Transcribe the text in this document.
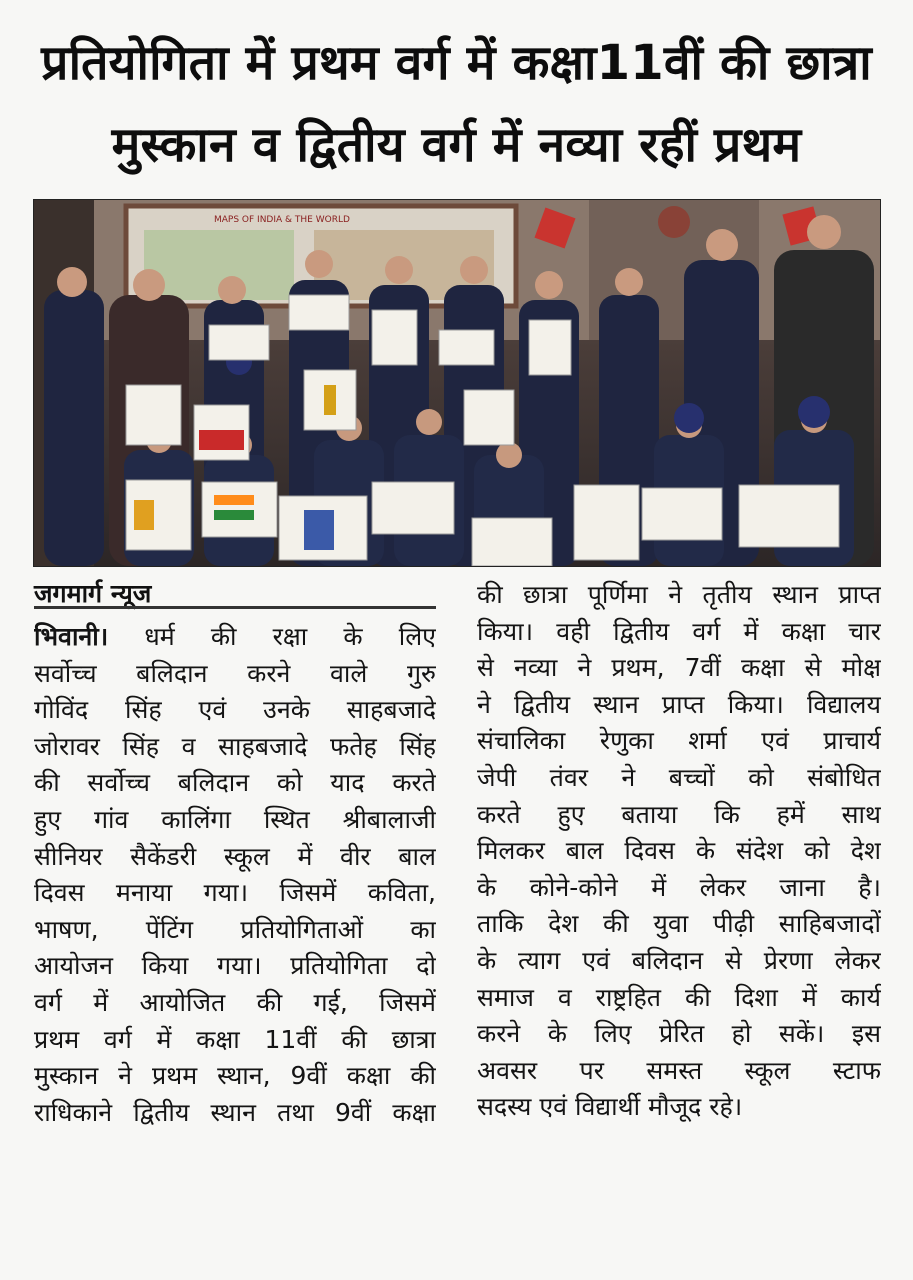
प्रतियोगिता में प्रथम वर्ग में कक्षा11वीं की छात्रा
मुस्कान व द्वितीय वर्ग में नव्या रहीं प्रथम
MAPS OF INDIA & THE WORLD
जगमार्ग न्यूज
भिवानी। धर्म की रक्षा के लिए
सर्वोच्च बलिदान करने वाले गुरु
गोविंद सिंह एवं उनके साहबजादे
जोरावर सिंह व साहबजादे फतेह सिंह
की सर्वोच्च बलिदान को याद करते
हुए गांव कालिंगा स्थित श्रीबालाजी
सीनियर सैकेंडरी स्कूल में वीर बाल
दिवस मनाया गया। जिसमें कविता,
भाषण, पेंटिंग प्रतियोगिताओं का
आयोजन किया गया। प्रतियोगिता दो
वर्ग में आयोजित की गई, जिसमें
प्रथम वर्ग में कक्षा 11वीं की छात्रा
मुस्कान ने प्रथम स्थान, 9वीं कक्षा की
राधिकाने द्वितीय स्थान तथा 9वीं कक्षा
की छात्रा पूर्णिमा ने तृतीय स्थान प्राप्त
किया। वही द्वितीय वर्ग में कक्षा चार
से नव्या ने प्रथम, 7वीं कक्षा से मोक्ष
ने द्वितीय स्थान प्राप्त किया। विद्यालय
संचालिका रेणुका शर्मा एवं प्राचार्य
जेपी तंवर ने बच्चों को संबोधित
करते हुए बताया कि हमें साथ
मिलकर बाल दिवस के संदेश को देश
के कोने-कोने में लेकर जाना है।
ताकि देश की युवा पीढ़ी साहिबजादों
के त्याग एवं बलिदान से प्रेरणा लेकर
समाज व राष्ट्रहित की दिशा में कार्य
करने के लिए प्रेरित हो सकें। इस
अवसर पर समस्त स्कूल स्टाफ
सदस्य एवं विद्यार्थी मौजूद रहे।
